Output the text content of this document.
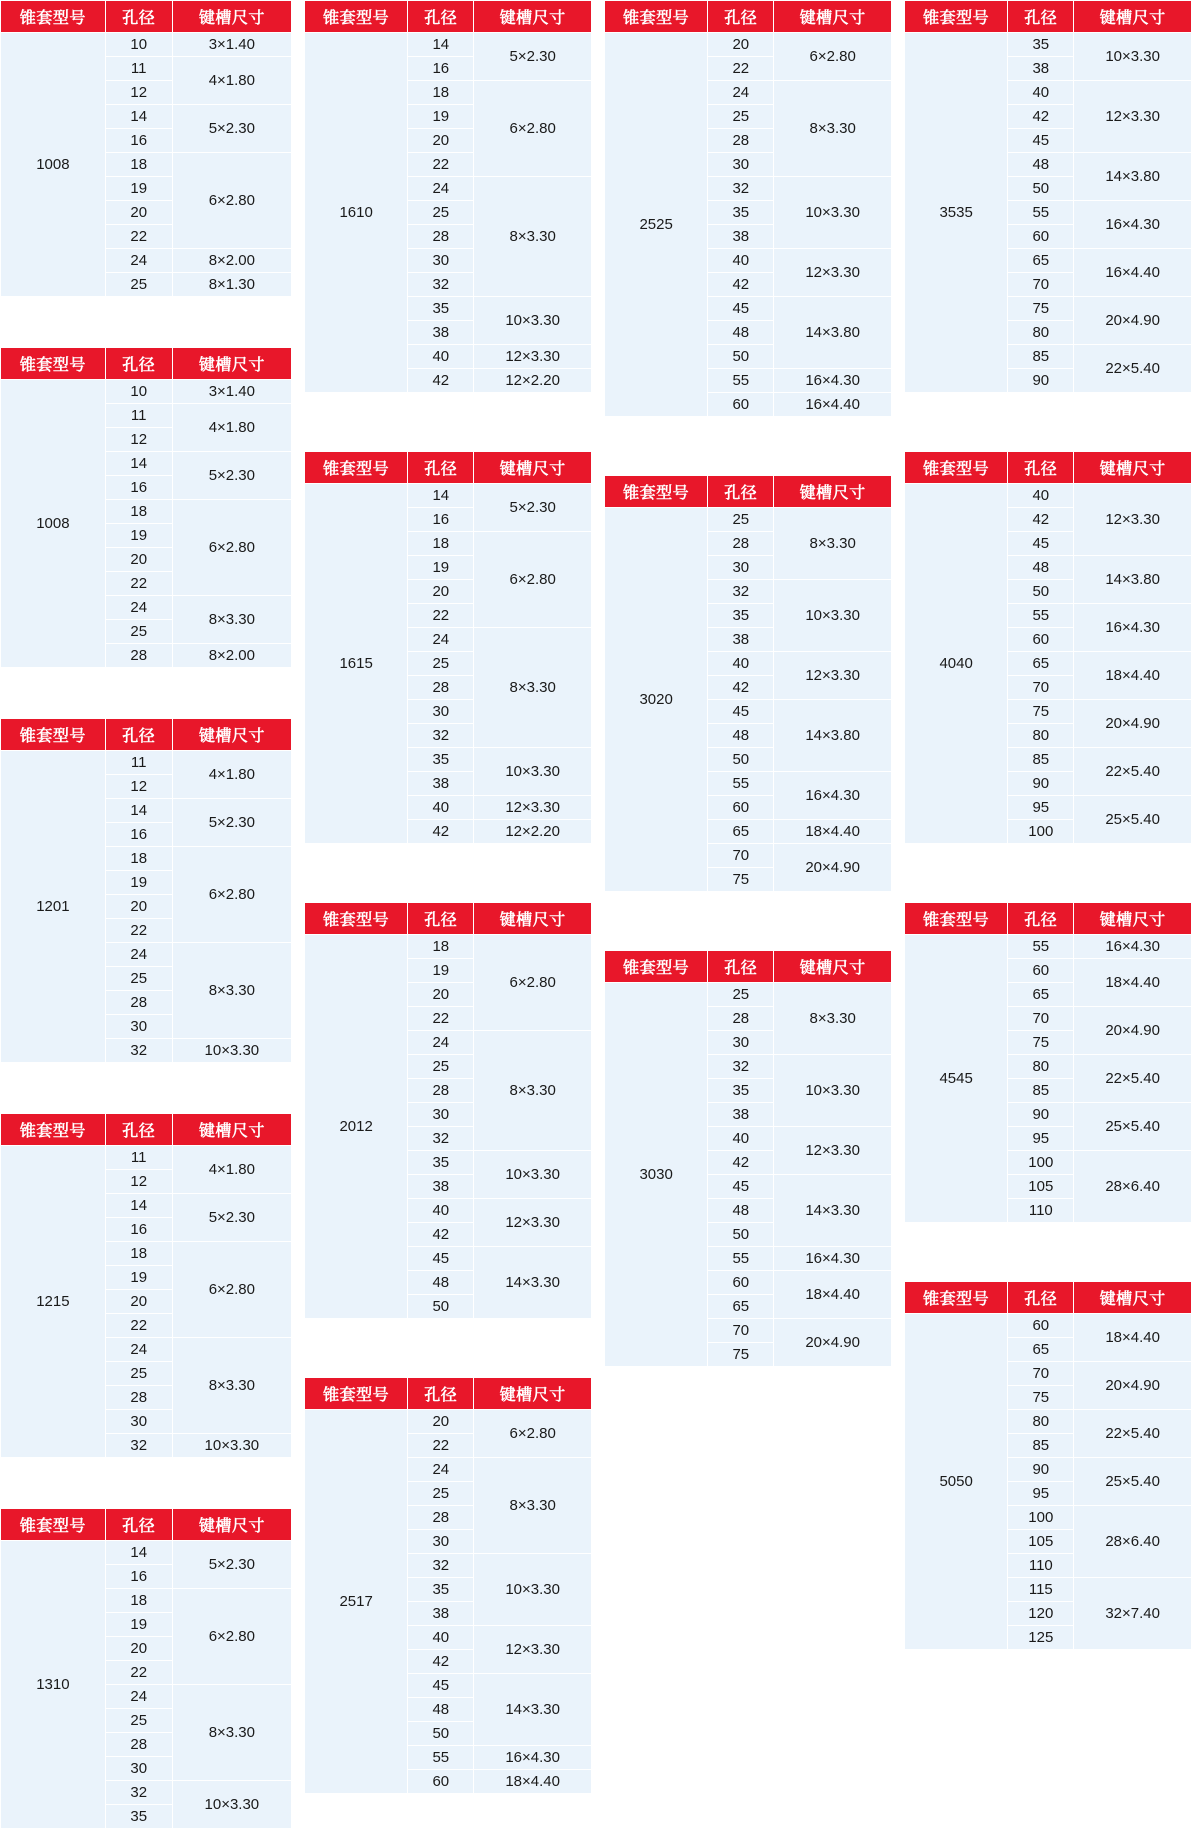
锥套型号	孔径	键槽尺寸
1008	10	3×1.40
	11	4×1.80
	12	
	14	5×2.30
	16	
	18	6×2.80
	19	
	20	
	22	
	24	8×2.00
	25	8×1.30
锥套型号	孔径	键槽尺寸
1008	10	3×1.40
	11	4×1.80
	12	
	14	5×2.30
	16	
	18	6×2.80
	19	
	20	
	22	
	24	8×3.30
	25	
	28	8×2.00
锥套型号	孔径	键槽尺寸
1201	11	4×1.80
	12	
	14	5×2.30
	16	
	18	6×2.80
	19	
	20	
	22	
	24	8×3.30
	25	
	28	
	30	
	32	10×3.30
锥套型号	孔径	键槽尺寸
1215	11	4×1.80
	12	
	14	5×2.30
	16	
	18	6×2.80
	19	
	20	
	22	
	24	8×3.30
	25	
	28	
	30	
	32	10×3.30
锥套型号	孔径	键槽尺寸
1310	14	5×2.30
	16	
	18	6×2.80
	19	
	20	
	22	
	24	8×3.30
	25	
	28	
	30	
	32	10×3.30
	35	
锥套型号	孔径	键槽尺寸
1610	14	5×2.30
	16	
	18	6×2.80
	19	
	20	
	22	
	24	8×3.30
	25	
	28	
	30	
	32	
	35	10×3.30
	38	
	40	12×3.30
	42	12×2.20
锥套型号	孔径	键槽尺寸
1615	14	5×2.30
	16	
	18	6×2.80
	19	
	20	
	22	
	24	8×3.30
	25	
	28	
	30	
	32	
	35	10×3.30
	38	
	40	12×3.30
	42	12×2.20
锥套型号	孔径	键槽尺寸
2012	18	6×2.80
	19	
	20	
	22	
	24	8×3.30
	25	
	28	
	30	
	32	
	35	10×3.30
	38	
	40	12×3.30
	42	
	45	14×3.30
	48	
	50	
锥套型号	孔径	键槽尺寸
2517	20	6×2.80
	22	
	24	8×3.30
	25	
	28	
	30	
	32	10×3.30
	35	
	38	
	40	12×3.30
	42	
	45	14×3.30
	48	
	50	
	55	16×4.30
	60	18×4.40
锥套型号	孔径	键槽尺寸
2525	20	6×2.80
	22	
	24	8×3.30
	25	
	28	
	30	
	32	10×3.30
	35	
	38	
	40	12×3.30
	42	
	45	14×3.80
	48	
	50	
	55	16×4.30
	60	16×4.40
锥套型号	孔径	键槽尺寸
3020	25	8×3.30
	28	
	30	
	32	10×3.30
	35	
	38	
	40	12×3.30
	42	
	45	14×3.80
	48	
	50	
	55	16×4.30
	60	
	65	18×4.40
	70	20×4.90
	75	
锥套型号	孔径	键槽尺寸
3030	25	8×3.30
	28	
	30	
	32	10×3.30
	35	
	38	
	40	12×3.30
	42	
	45	14×3.30
	48	
	50	
	55	16×4.30
	60	18×4.40
	65	
	70	20×4.90
	75	
锥套型号	孔径	键槽尺寸
3535	35	10×3.30
	38	
	40	12×3.30
	42	
	45	
	48	14×3.80
	50	
	55	16×4.30
	60	
	65	16×4.40
	70	
	75	20×4.90
	80	
	85	22×5.40
	90	
锥套型号	孔径	键槽尺寸
4040	40	12×3.30
	42	
	45	
	48	14×3.80
	50	
	55	16×4.30
	60	
	65	18×4.40
	70	
	75	20×4.90
	80	
	85	22×5.40
	90	
	95	25×5.40
	100	
锥套型号	孔径	键槽尺寸
4545	55	16×4.30
	60	18×4.40
	65	
	70	20×4.90
	75	
	80	22×5.40
	85	
	90	25×5.40
	95	
	100	28×6.40
	105	
	110	
锥套型号	孔径	键槽尺寸
5050	60	18×4.40
	65	
	70	20×4.90
	75	
	80	22×5.40
	85	
	90	25×5.40
	95	
	100	28×6.40
	105	
	110	
	115	32×7.40
	120	
	125	
